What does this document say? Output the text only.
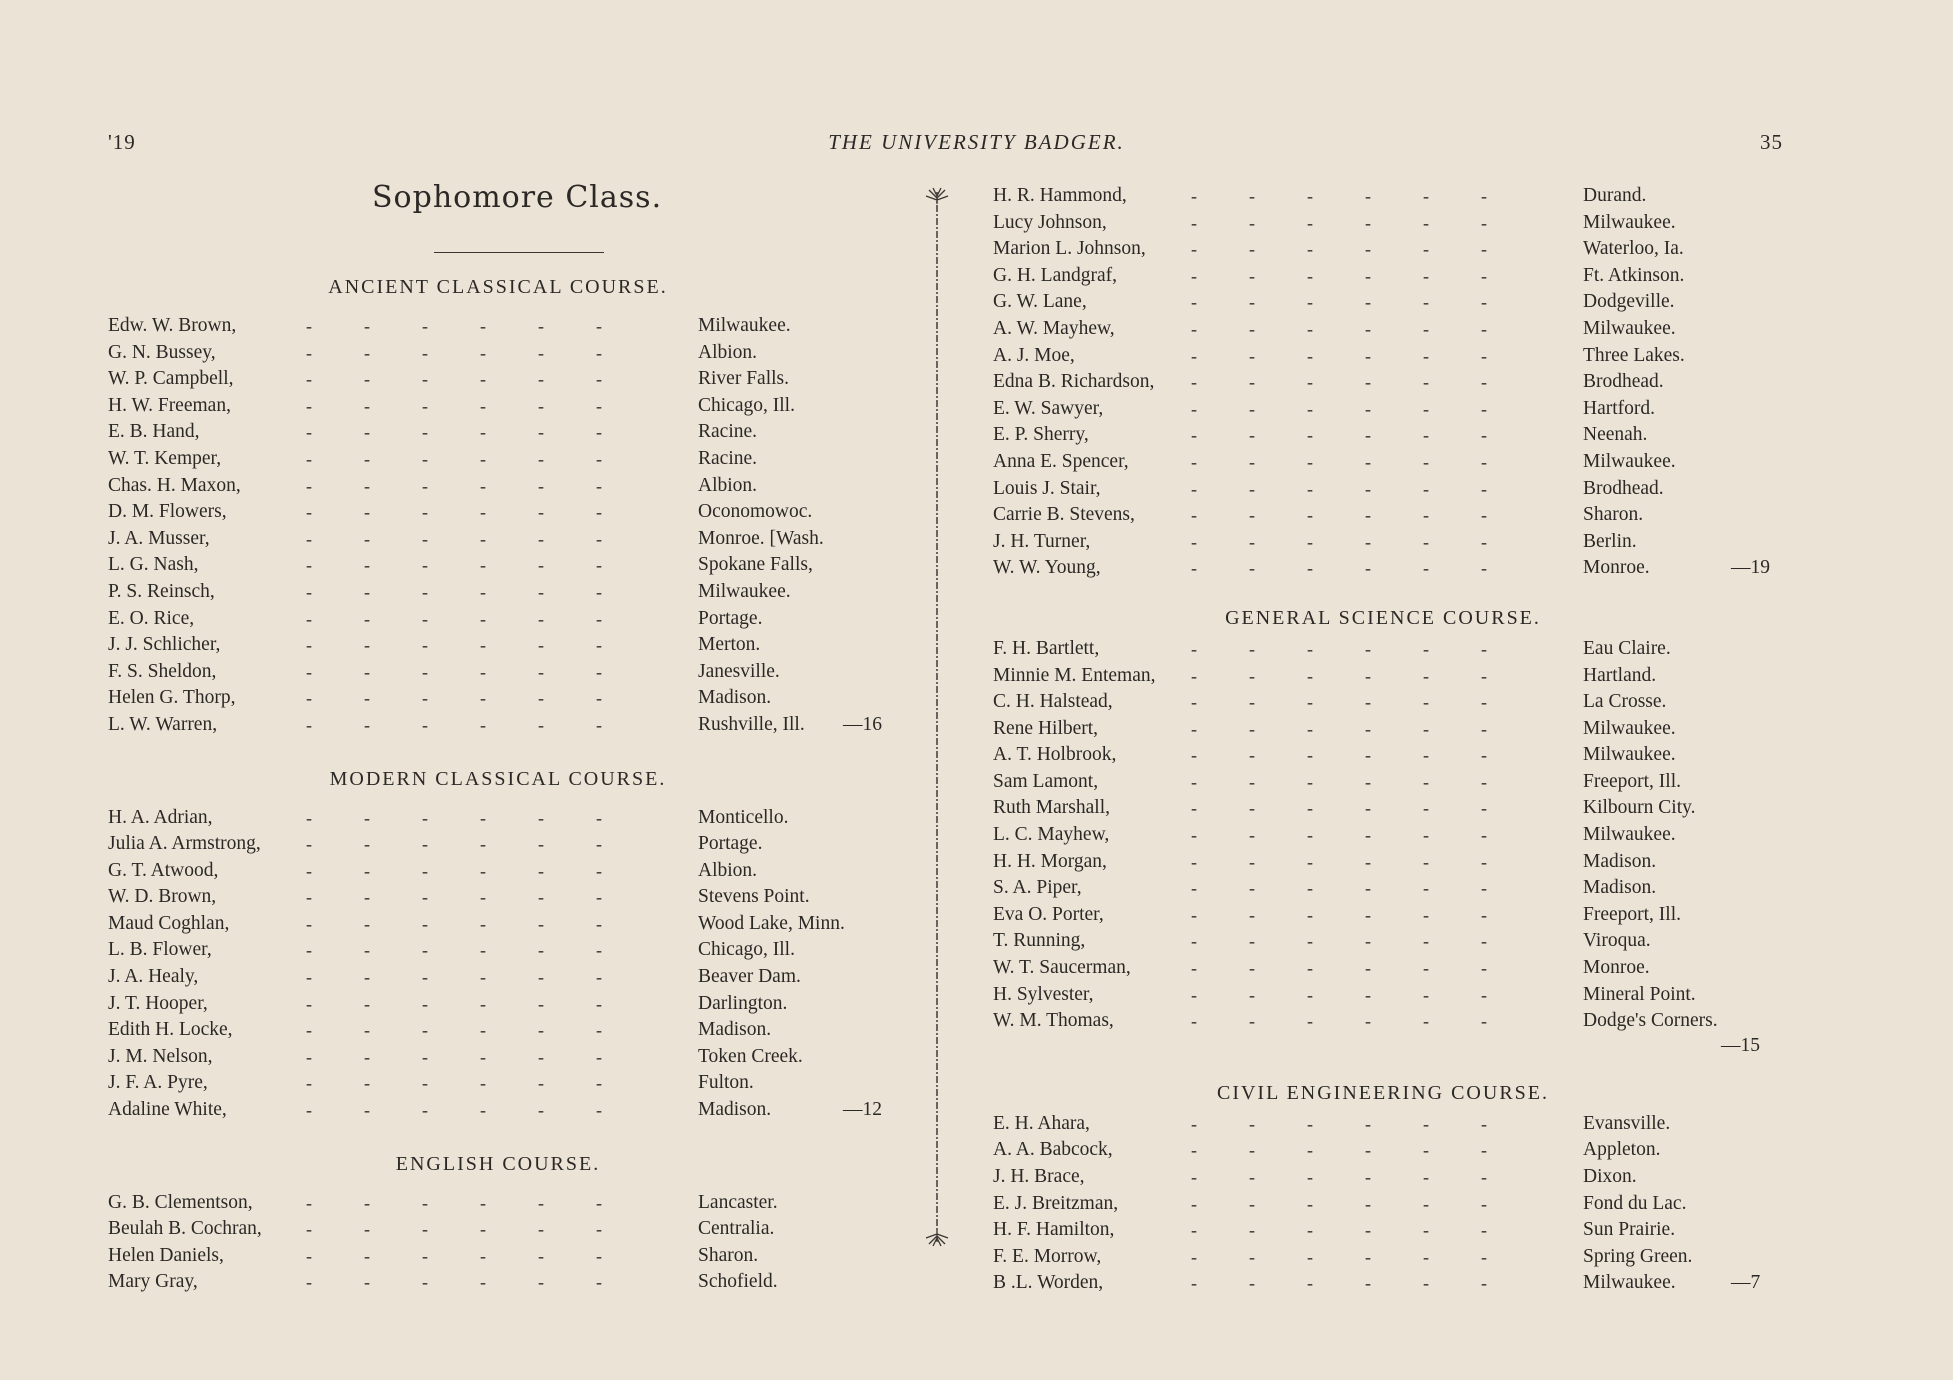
'19	THE UNIVERSITY BADGER.	35
Sophomore Class.
ANCIENT CLASSICAL COURSE.
Edw. W. Brown,	-	-	-	-	-	-	Milwaukee.
G. N. Bussey,	-	-	-	-	-	-	Albion.
W. P. Campbell,	-	-	-	-	-	-	River Falls.
H. W. Freeman,	-	-	-	-	-	-	Chicago, Ill.
E. B. Hand,	-	-	-	-	-	-	Racine.
W. T. Kemper,	-	-	-	-	-	-	Racine.
Chas. H. Maxon,	-	-	-	-	-	-	Albion.
D. M. Flowers,	-	-	-	-	-	-	Oconomowoc.
J. A. Musser,	-	-	-	-	-	-	Monroe. [Wash.
L. G. Nash,	-	-	-	-	-	-	Spokane Falls,
P. S. Reinsch,	-	-	-	-	-	-	Milwaukee.
E. O. Rice,	-	-	-	-	-	-	Portage.
J. J. Schlicher,	-	-	-	-	-	-	Merton.
F. S. Sheldon,	-	-	-	-	-	-	Janesville.
Helen G. Thorp,	-	-	-	-	-	-	Madison.
L. W. Warren,	-	-	-	-	-	-	Rushville, Ill. —16
MODERN CLASSICAL COURSE.
H. A. Adrian,	-	-	-	-	-	-	Monticello.
Julia A. Armstrong,	-	-	-	-	-	-	Portage.
G. T. Atwood,	-	-	-	-	-	-	Albion.
W. D. Brown,	-	-	-	-	-	-	Stevens Point.
Maud Coghlan,	-	-	-	-	-	-	Wood Lake, Minn.
L. B. Flower,	-	-	-	-	-	-	Chicago, Ill.
J. A. Healy,	-	-	-	-	-	-	Beaver Dam.
J. T. Hooper,	-	-	-	-	-	-	Darlington.
Edith H. Locke,	-	-	-	-	-	-	Madison.
J. M. Nelson,	-	-	-	-	-	-	Token Creek.
J. F. A. Pyre,	-	-	-	-	-	-	Fulton.
Adaline White,	-	-	-	-	-	-	Madison.	—12
ENGLISH COURSE.
G. B. Clementson,	-	-	-	-	-	-	Lancaster.
Beulah B. Cochran, -	-	-	-	-	-	Centralia.
Helen Daniels,	-	-	-	-	-	-	Sharon.
Mary Gray,	-	-	-	-	-	-	Schofield.
H. R. Hammond,	-	-	-	-	-	-	Durand.
Lucy Johnson,	-	-	-	-	-	-	Milwaukee.
Marion L. Johnson,	-	-	-	-	-	-	Waterloo, Ia.
G. H. Landgraf,	-	-	-	-	-	-	Ft. Atkinson.
G. W. Lane,	-	-	-	-	-	-	Dodgeville.
A. W. Mayhew,	-	-	-	-	-	-	Milwaukee.
A. J. Moe,	-	-	-	-	-	-	Three Lakes.
Edna B. Richardson, -	-	-	-	-	-	Brodhead.
E. W. Sawyer,	-	-	-	-	-	-	Hartford.
E. P. Sherry,	-	-	-	-	-	-	Neenah.
Anna E. Spencer,	-	-	-	-	-	-	Milwaukee.
Louis J. Stair,	-	-	-	-	-	-	Brodhead.
Carrie B. Stevens,	-	-	-	-	-	-	Sharon.
J. H. Turner,	-	-	-	-	-	-	Berlin.
W. W. Young,	-	-	-	-	-	-	Monroe.	—19
GENERAL SCIENCE COURSE.
F. H. Bartlett,	-	-	-	-	-	-	Eau Claire.
Minnie M. Enteman, -	-	-	-	-	-	Hartland.
C. H. Halstead,	-	-	-	-	-	-	La Crosse.
Rene Hilbert,	-	-	-	-	-	-	Milwaukee.
A. T. Holbrook,	-	-	-	-	-	-	Milwaukee.
Sam Lamont,	-	-	-	-	-	-	Freeport, Ill.
Ruth Marshall,	-	-	-	-	-	-	Kilbourn City.
L. C. Mayhew,	-	-	-	-	-	-	Milwaukee.
H. H. Morgan,	-	-	-	-	-	-	Madison.
S. A. Piper,	-	-	-	-	-	-	Madison.
Eva O. Porter,	-	-	-	-	-	-	Freeport, Ill.
T. Running,	-	-	-	-	-	-	Viroqua.
W. T. Saucerman,	-	-	-	-	-	-	Monroe.
H. Sylvester,	-	-	-	-	-	-	Mineral Point.
W. M. Thomas,	-	-	-	-	-	-	Dodge's Corners.
—15
CIVIL ENGINEERING COURSE.
E. H. Ahara,	-	-	-	-	-	-	Evansville.
A. A. Babcock,	-	-	-	-	-	-	Appleton.
J. H. Brace,	-	-	-	-	-	-	Dixon.
E. J. Breitzman,	-	-	-	-	-	-	Fond du Lac.
H. F. Hamilton,	-	-	-	-	-	-	Sun Prairie.
F. E. Morrow,	-	-	-	-	-	-	Spring Green.
B .L. Worden,	-	-	-	-	-	-	Milwaukee.	—7
